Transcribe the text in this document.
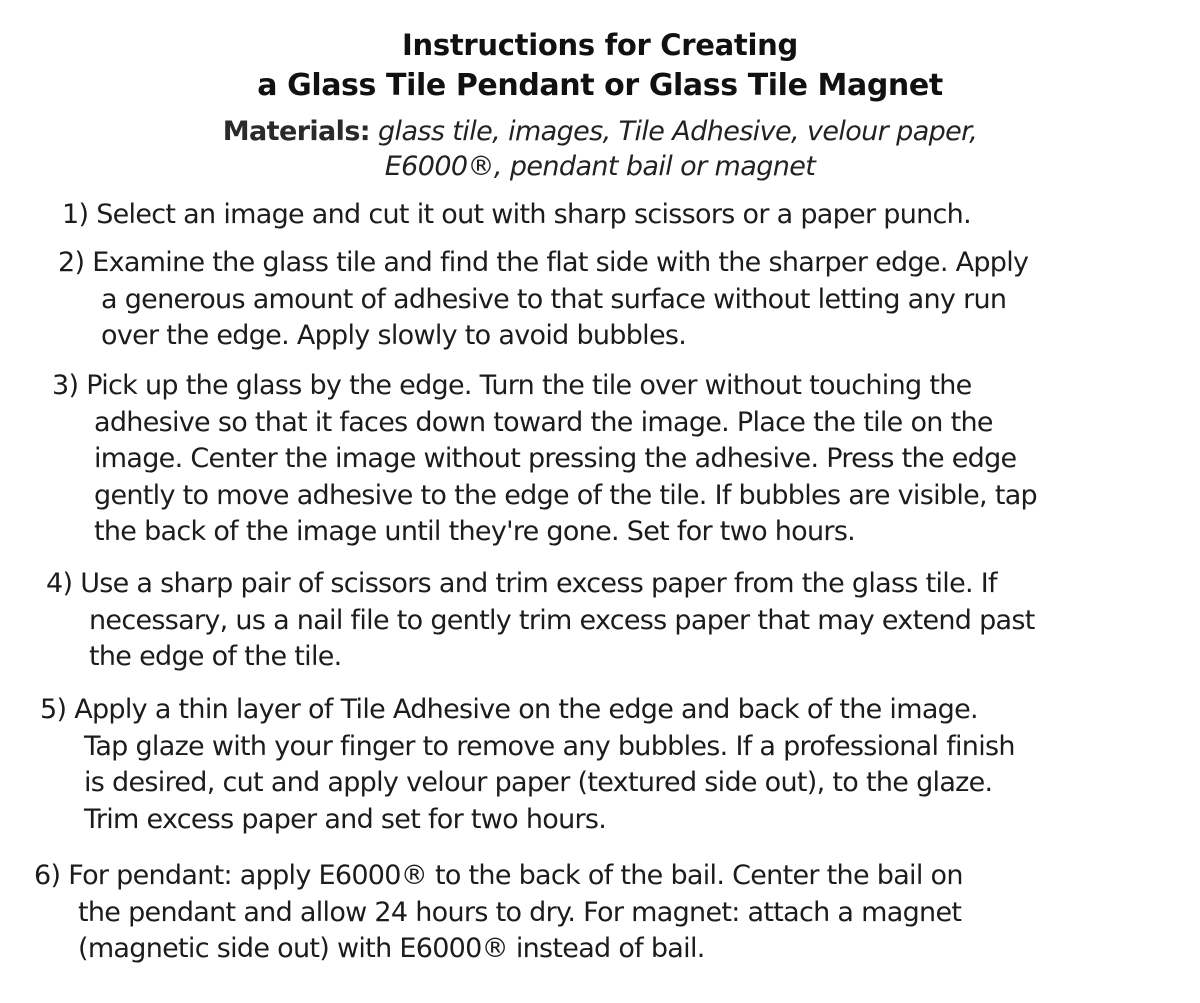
Instructions for Creating
a Glass Tile Pendant or Glass Tile Magnet
Materials: glass tile, images, Tile Adhesive, velour paper,
E6000®, pendant bail or magnet
1) Select an image and cut it out with sharp scissors or a paper punch.
2) Examine the glass tile and find the flat side with the sharper edge. Apply
a generous amount of adhesive to that surface without letting any run
over the edge. Apply slowly to avoid bubbles.
3) Pick up the glass by the edge. Turn the tile over without touching the
adhesive so that it faces down toward the image. Place the tile on the
image. Center the image without pressing the adhesive. Press the edge
gently to move adhesive to the edge of the tile. If bubbles are visible, tap
the back of the image until they're gone. Set for two hours.
4) Use a sharp pair of scissors and trim excess paper from the glass tile. If
necessary, us a nail file to gently trim excess paper that may extend past
the edge of the tile.
5) Apply a thin layer of Tile Adhesive on the edge and back of the image.
Tap glaze with your finger to remove any bubbles. If a professional finish
is desired, cut and apply velour paper (textured side out), to the glaze.
Trim excess paper and set for two hours.
6) For pendant: apply E6000® to the back of the bail. Center the bail on
the pendant and allow 24 hours to dry. For magnet: attach a magnet
(magnetic side out) with E6000® instead of bail.
